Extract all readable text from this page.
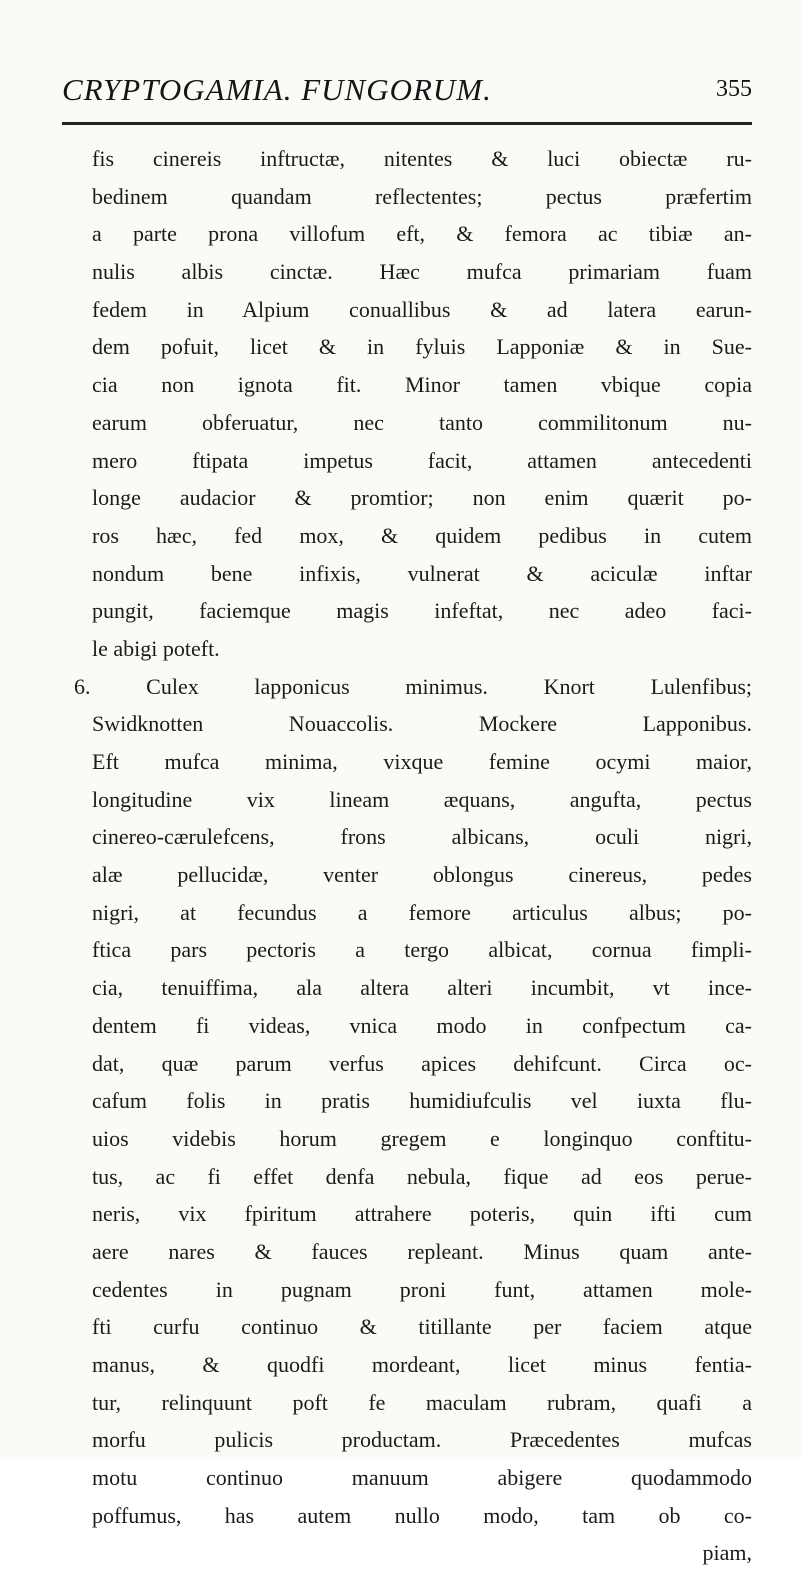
CRYPTOGAMIA. FUNGORUM.	355
fis cinereis inftructæ, nitentes & luci obiectæ ru-
bedinem quandam reflectentes; pectus præfertim
a parte prona villofum eft, & femora ac tibiæ an-
nulis albis cinctæ. Hæc mufca primariam fuam
fedem in Alpium conuallibus & ad latera earun-
dem pofuit, licet & in fyluis Lapponiæ & in Sue-
cia non ignota fit. Minor tamen vbique copia
earum obferuatur, nec tanto commilitonum nu-
mero ftipata impetus facit, attamen antecedenti
longe audacior & promtior; non enim quærit po-
ros hæc, fed mox, & quidem pedibus in cutem
nondum bene infixis, vulnerat & aciculæ inftar
pungit, faciemque magis infeftat, nec adeo faci-
le abigi poteft.
6. Culex lapponicus minimus. Knort Lulenfibus;
Swidknotten Nouaccolis. Mockere Lapponibus.
Eft mufca minima, vixque femine ocymi maior,
longitudine vix lineam æquans, angufta, pectus
cinereo-cærulefcens, frons albicans, oculi nigri,
alæ pellucidæ, venter oblongus cinereus, pedes
nigri, at fecundus a femore articulus albus; po-
ftica pars pectoris a tergo albicat, cornua fimpli-
cia, tenuiffima, ala altera alteri incumbit, vt ince-
dentem fi videas, vnica modo in confpectum ca-
dat, quæ parum verfus apices dehifcunt. Circa oc-
cafum folis in pratis humidiufculis vel iuxta flu-
uios videbis horum gregem e longinquo conftitu-
tus, ac fi effet denfa nebula, fique ad eos perue-
neris, vix fpiritum attrahere poteris, quin ifti cum
aere nares & fauces repleant. Minus quam ante-
cedentes in pugnam proni funt, attamen mole-
fti curfu continuo & titillante per faciem atque
manus, & quodfi mordeant, licet minus fentia-
tur, relinquunt poft fe maculam rubram, quafi a
morfu pulicis productam. Præcedentes mufcas
motu continuo manuum abigere quodammodo
poffumus, has autem nullo modo, tam ob co-
piam,
